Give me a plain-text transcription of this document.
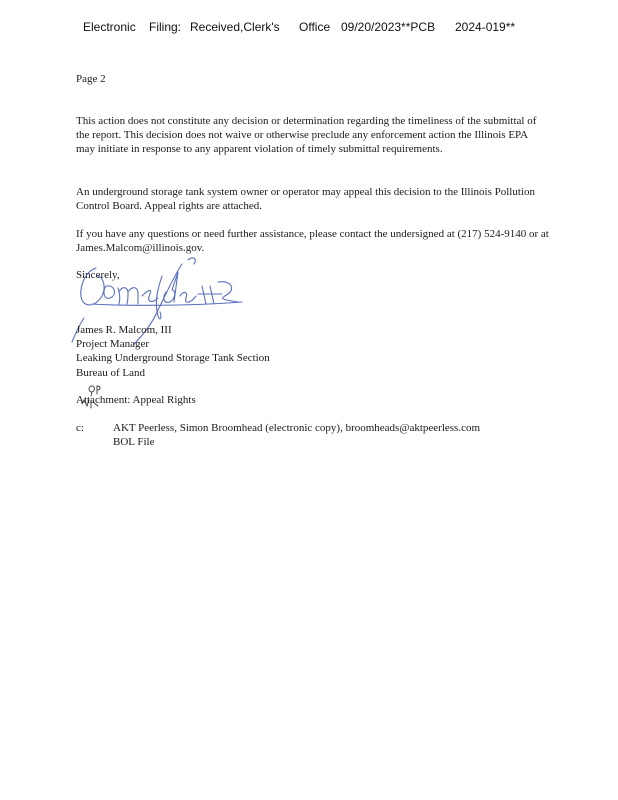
Electronic Filing: Received,Clerk's Office 09/20/2023**PCB 2024-019**
Page 2
This action does not constitute any decision or determination regarding the timeliness of the submittal of the report. This decision does not waive or otherwise preclude any enforcement action the Illinois EPA may initiate in response to any apparent violation of timely submittal requirements.
An underground storage tank system owner or operator may appeal this decision to the Illinois Pollution Control Board. Appeal rights are attached.
If you have any questions or need further assistance, please contact the undersigned at (217) 524-9140 or at James.Malcom@illinois.gov.
Sincerely,
James R. Malcom, III
Project Manager
Leaking Underground Storage Tank Section
Bureau of Land
Attachment: Appeal Rights
c:	AKT Peerless, Simon Broomhead (electronic copy), broomheads@aktpeerless.com
BOL File
